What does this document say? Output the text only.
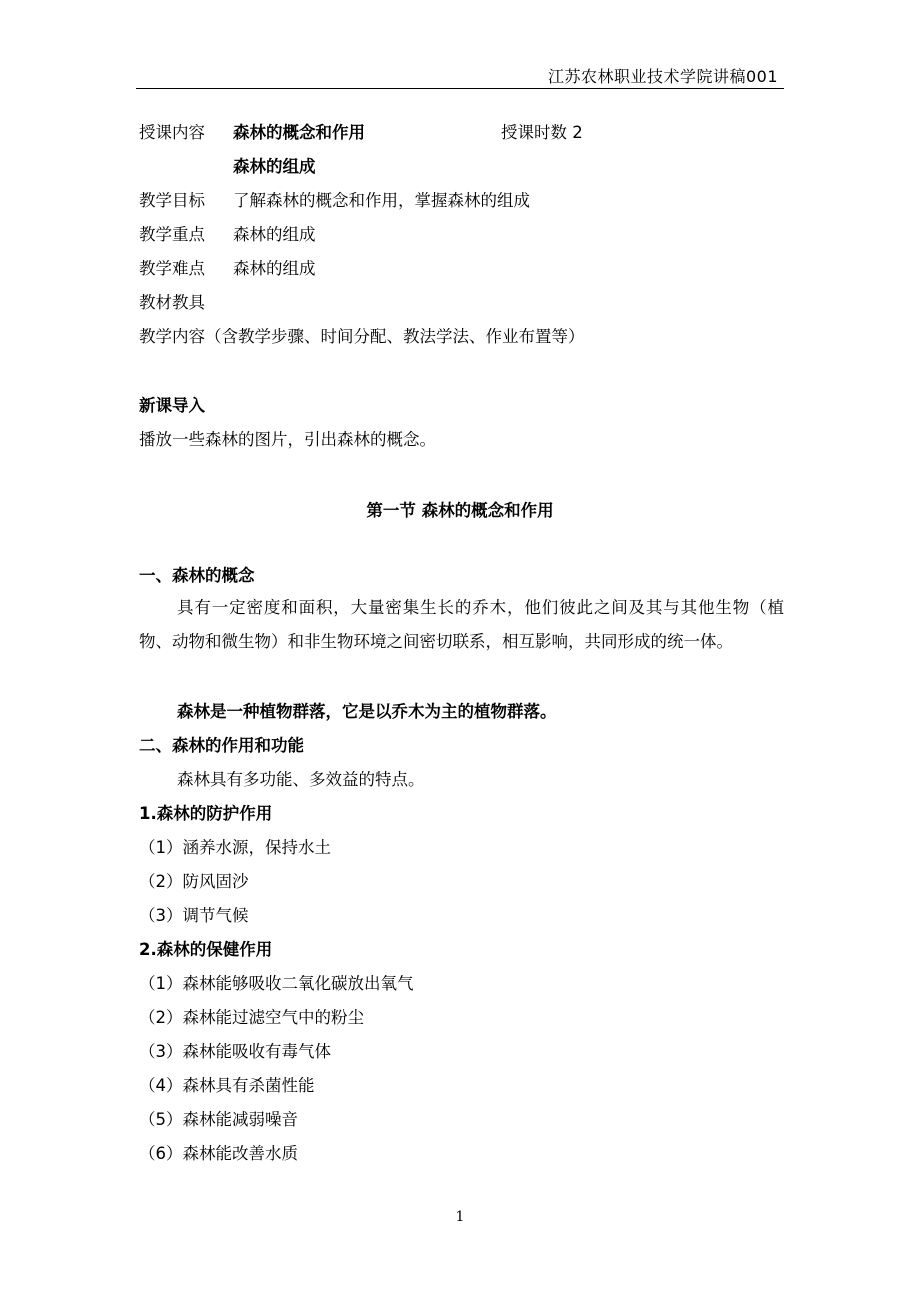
江苏农林职业技术学院讲稿001
授课内容 森林的概念和作用	授课时数 2
森林的组成
教学目标 了解森林的概念和作用，掌握森林的组成
教学重点 森林的组成
教学难点 森林的组成
教材教具
教学内容（含教学步骤、时间分配、教法学法、作业布置等）
新课导入
播放一些森林的图片，引出森林的概念。
第一节 森林的概念和作用
一、森林的概念
具有一定密度和面积，大量密集生长的乔木，他们彼此之间及其与其他生物（植物、动物和微生物）和非生物环境之间密切联系，相互影响，共同形成的统一体。
森林是一种植物群落，它是以乔木为主的植物群落。
二、森林的作用和功能
森林具有多功能、多效益的特点。
1.森林的防护作用
（1）涵养水源，保持水土
（2）防风固沙
（3）调节气候
2.森林的保健作用
（1）森林能够吸收二氧化碳放出氧气
（2）森林能过滤空气中的粉尘
（3）森林能吸收有毒气体
（4）森林具有杀菌性能
（5）森林能减弱噪音
（6）森林能改善水质
1
